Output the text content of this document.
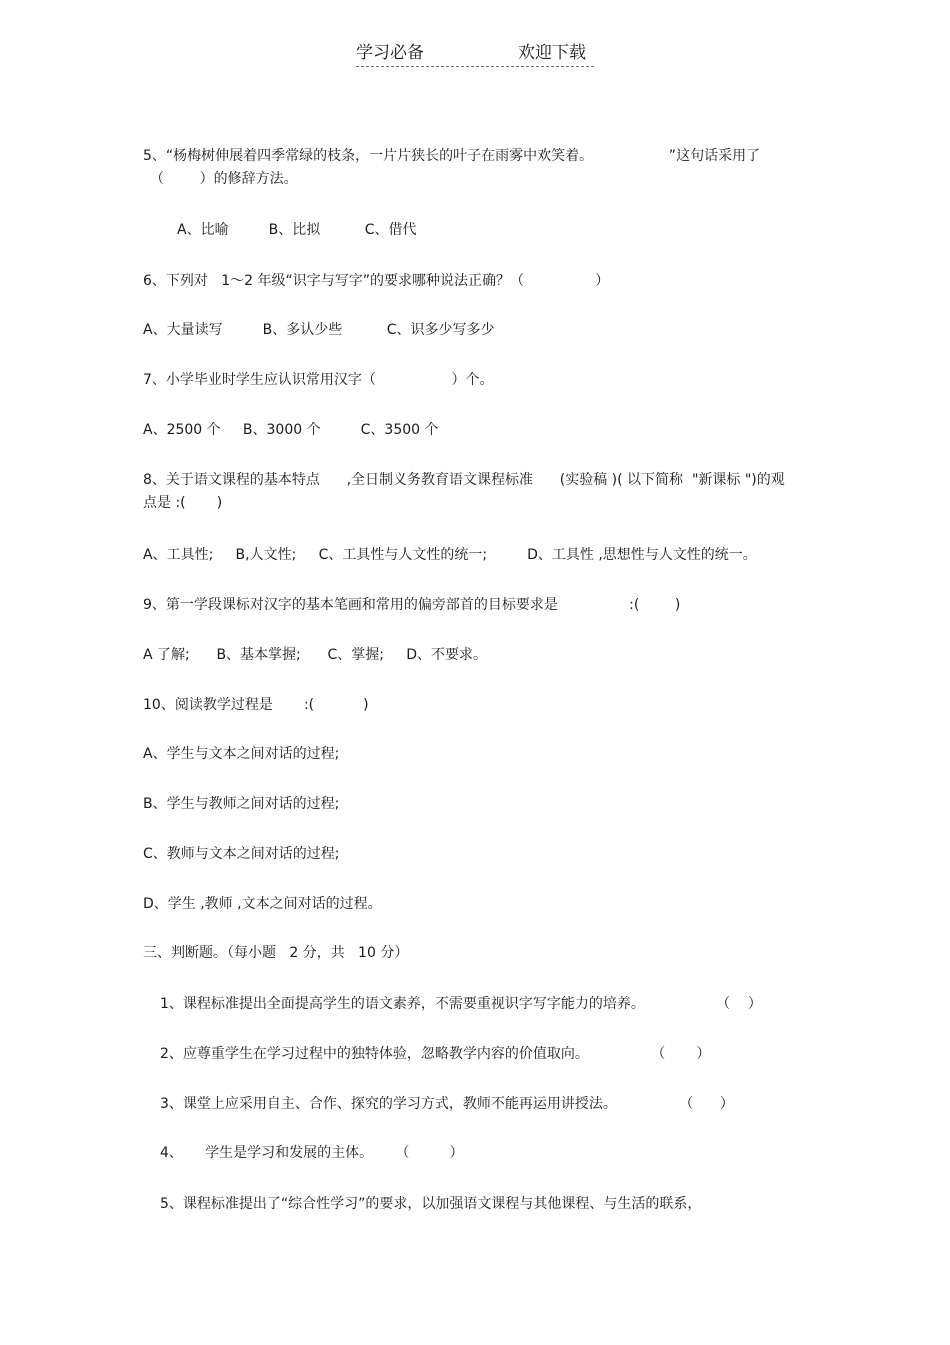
学习必备	欢迎下载
5、“杨梅树伸展着四季常绿的枝条，一片片狭长的叶子在雨雾中欢笑着。                 ”这句话采用了
（        ）的修辞方法。
A、比喻         B、比拟          C、借代
6、下列对   1～2 年级“识字与写字”的要求哪种说法正确？（                ）
A、大量读写         B、多认少些          C、识多少写多少
7、小学毕业时学生应认识常用汉字（                 ）个。
A、2500 个     B、3000 个         C、3500 个
8、关于语文课程的基本特点      ,全日制义务教育语文课程标准      (实验稿 )( 以下简称  "新课标 ")的观
点是 :(       )
A、工具性;     B,人文性;     C、工具性与人文性的统一;         D、工具性 ,思想性与人文性的统一。
9、第一学段课标对汉字的基本笔画和常用的偏旁部首的目标要求是                :(        )
A 了解;      B、基本掌握;      C、掌握;     D、不要求。
10、阅读教学过程是       :(           )
A、学生与文本之间对话的过程;
B、学生与教师之间对话的过程;
C、教师与文本之间对话的过程;
D、学生 ,教师 ,文本之间对话的过程。
三、判断题。（每小题   2 分，共   10 分）
1、课程标准提出全面提高学生的语文素养，不需要重视识字写字能力的培养。                （    ）
2、应尊重学生在学习过程中的独特体验，忽略教学内容的价值取向。              （       ）
3、课堂上应采用自主、合作、探究的学习方式，教师不能再运用讲授法。              （      ）
4、     学生是学习和发展的主体。     （         ）
5、课程标准提出了“综合性学习”的要求，以加强语文课程与其他课程、与生活的联系，
